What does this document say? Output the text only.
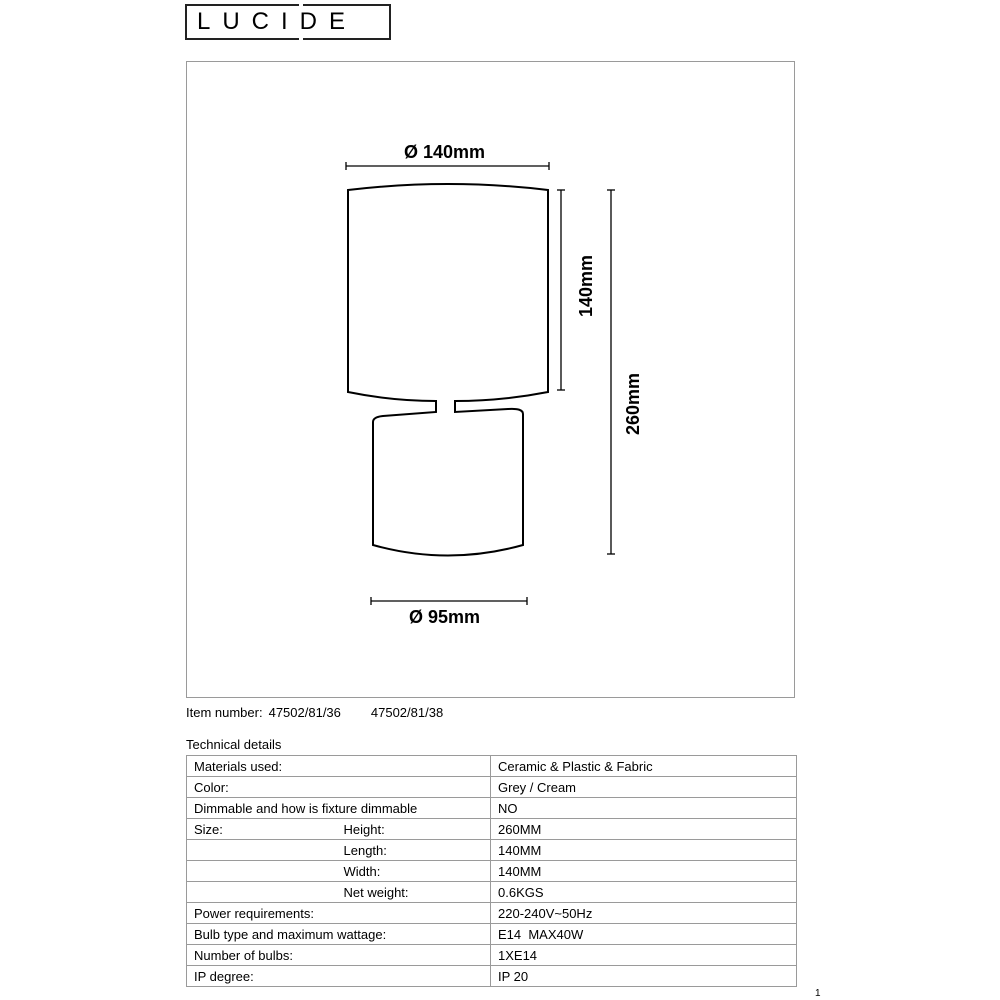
LUCIDE
Ø 140mm
140mm
260mm
Ø 95mm
Item number: 47502/81/36 47502/81/38
Technical details
Materials used:		Ceramic & Plastic & Fabric
Color:		Grey / Cream
Dimmable and how is fixture dimmable		NO
Size:	Height:	260MM
	Length:	140MM
	Width:	140MM
	Net weight:	0.6KGS
Power requirements:		220-240V~50Hz
Bulb type and maximum wattage:		E14  MAX40W
Number of bulbs:		1XE14
IP degree:		IP 20
1
